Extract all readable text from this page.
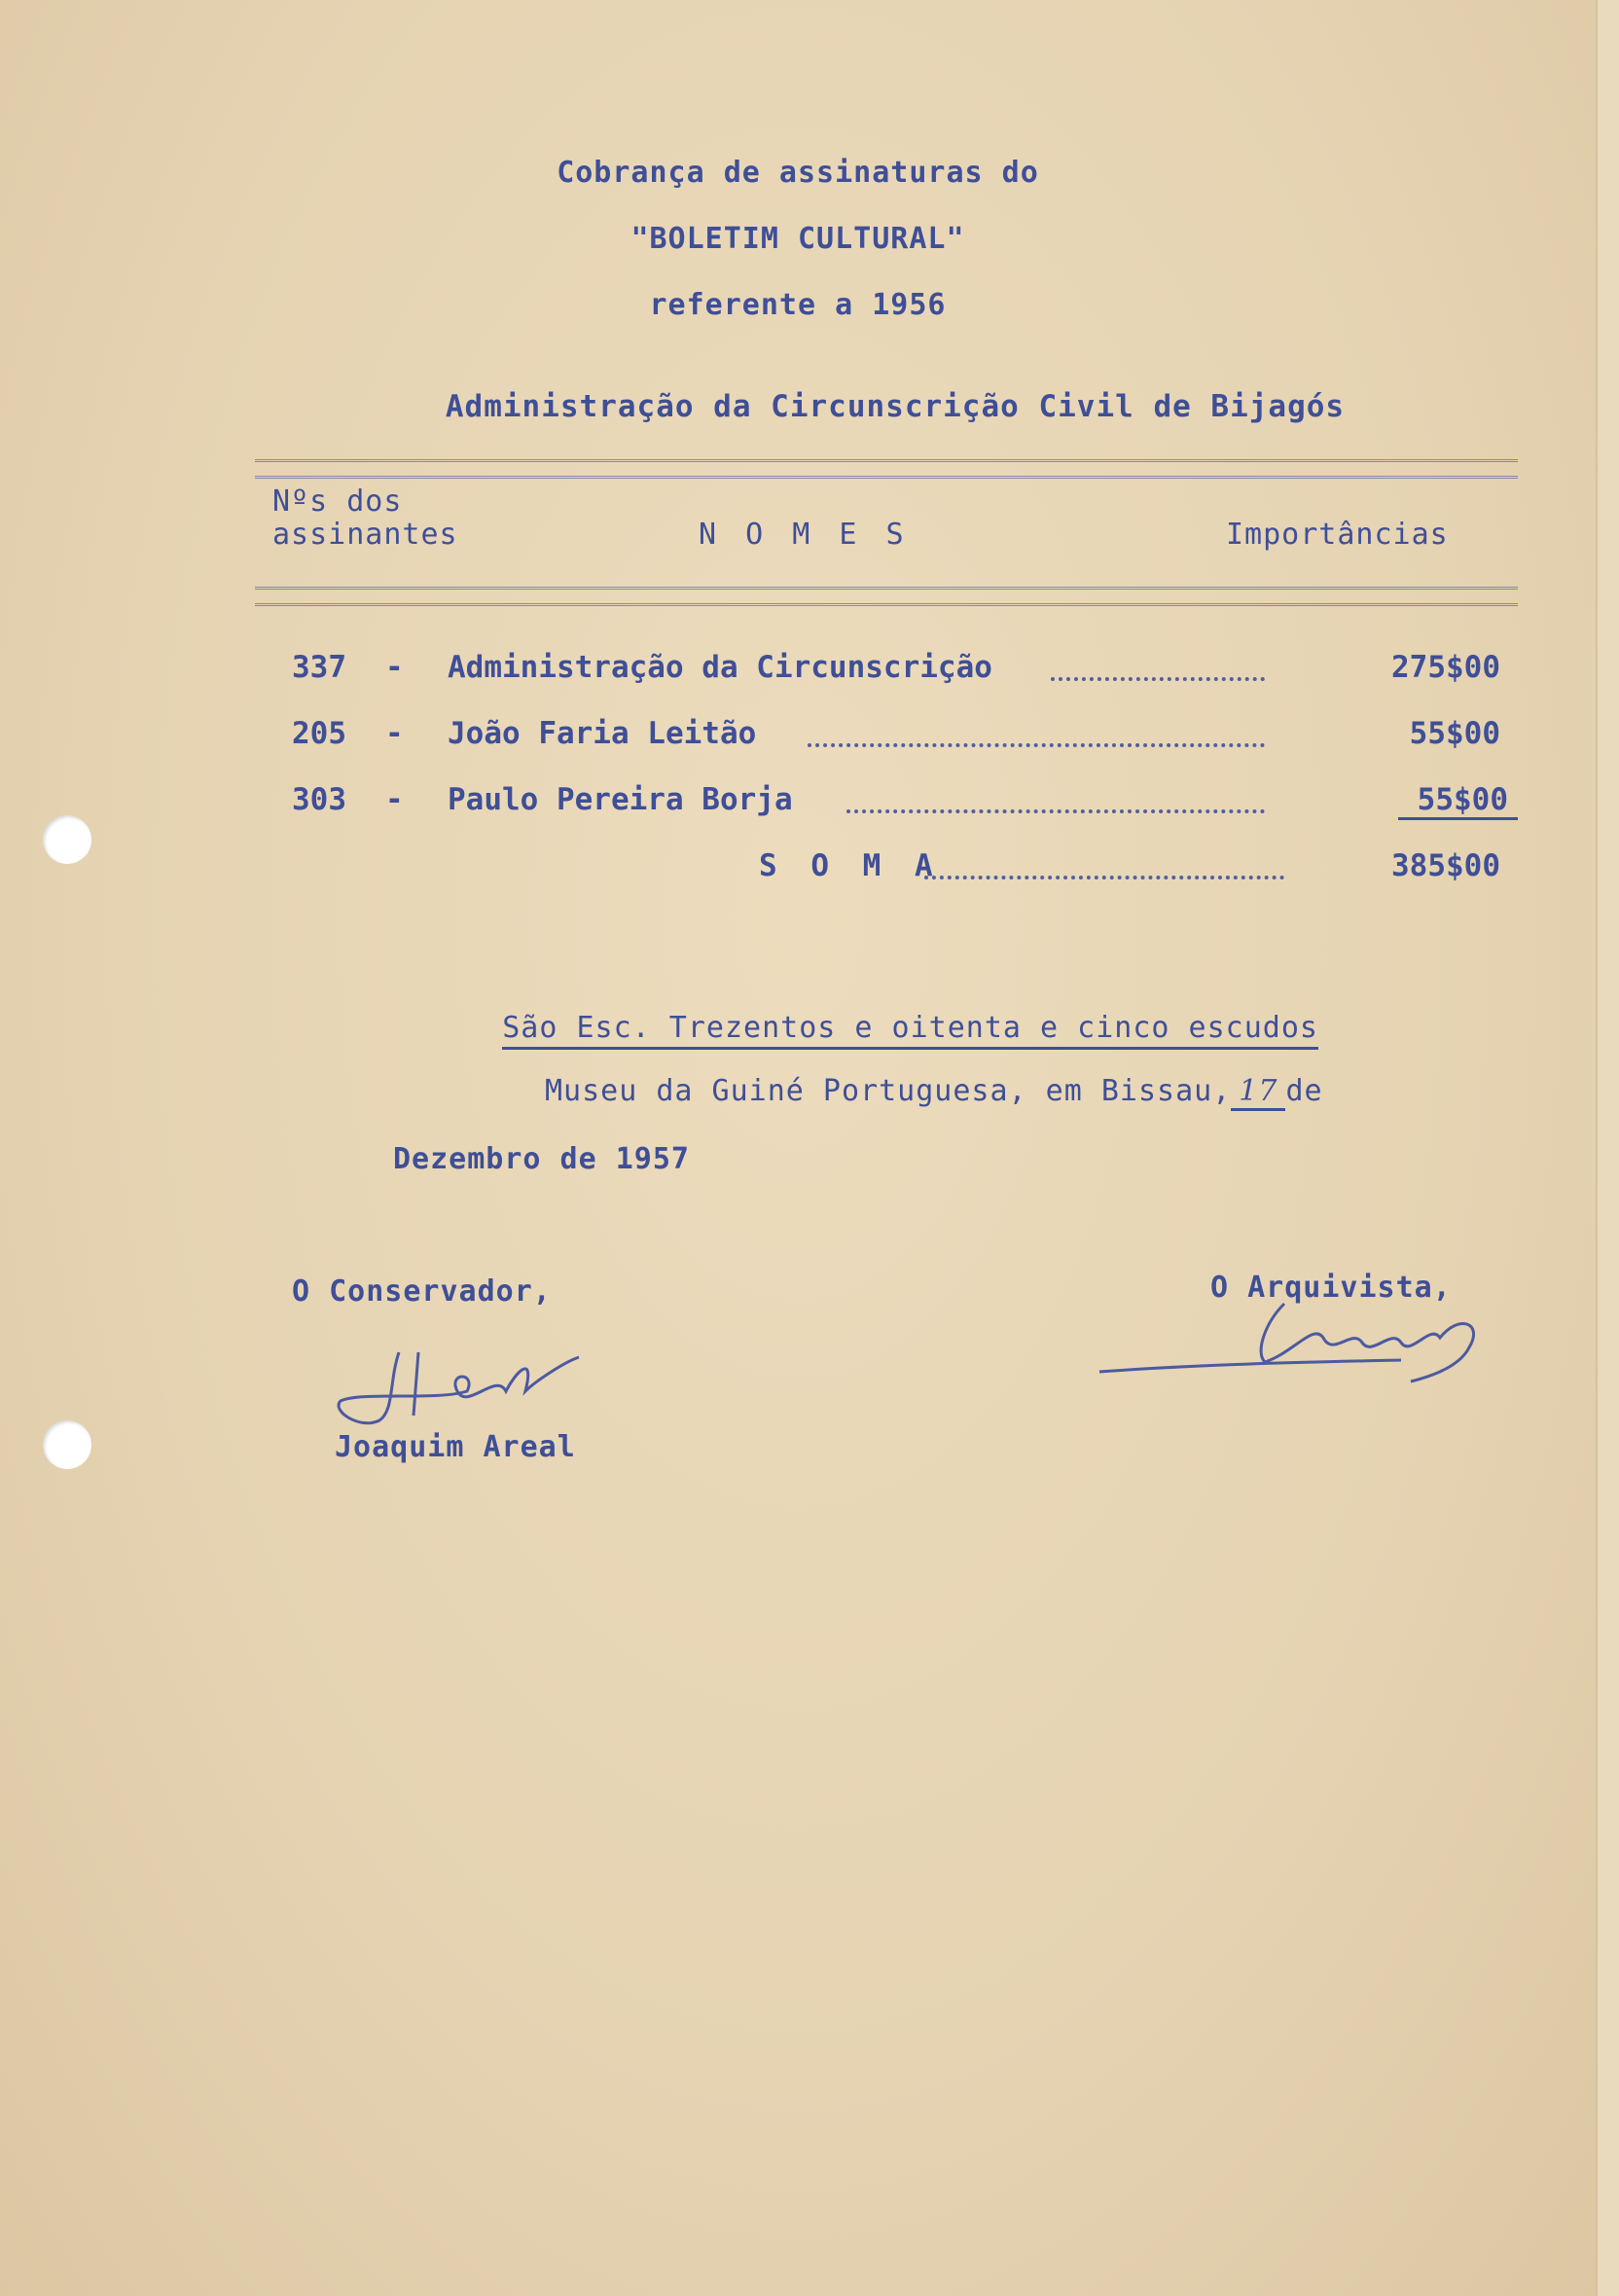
Cobrança de assinaturas do
"BOLETIM CULTURAL"
referente a 1956
Administração da Circunscrição Civil de Bijagós
Nºs dos
assinantes	N O M E S	Importâncias
337 - Administração da Circunscrição	275$00
205 - João Faria Leitão	55$00
303 - Paulo Pereira Borja	55$00
S O M A	385$00

São Esc. Trezentos e oitenta e cinco escudos

Museu da Guiné Portuguesa, em Bissau, 17 de
Dezembro de 1957
O Conservador,
Joaquim Areal
O Arquivista,
